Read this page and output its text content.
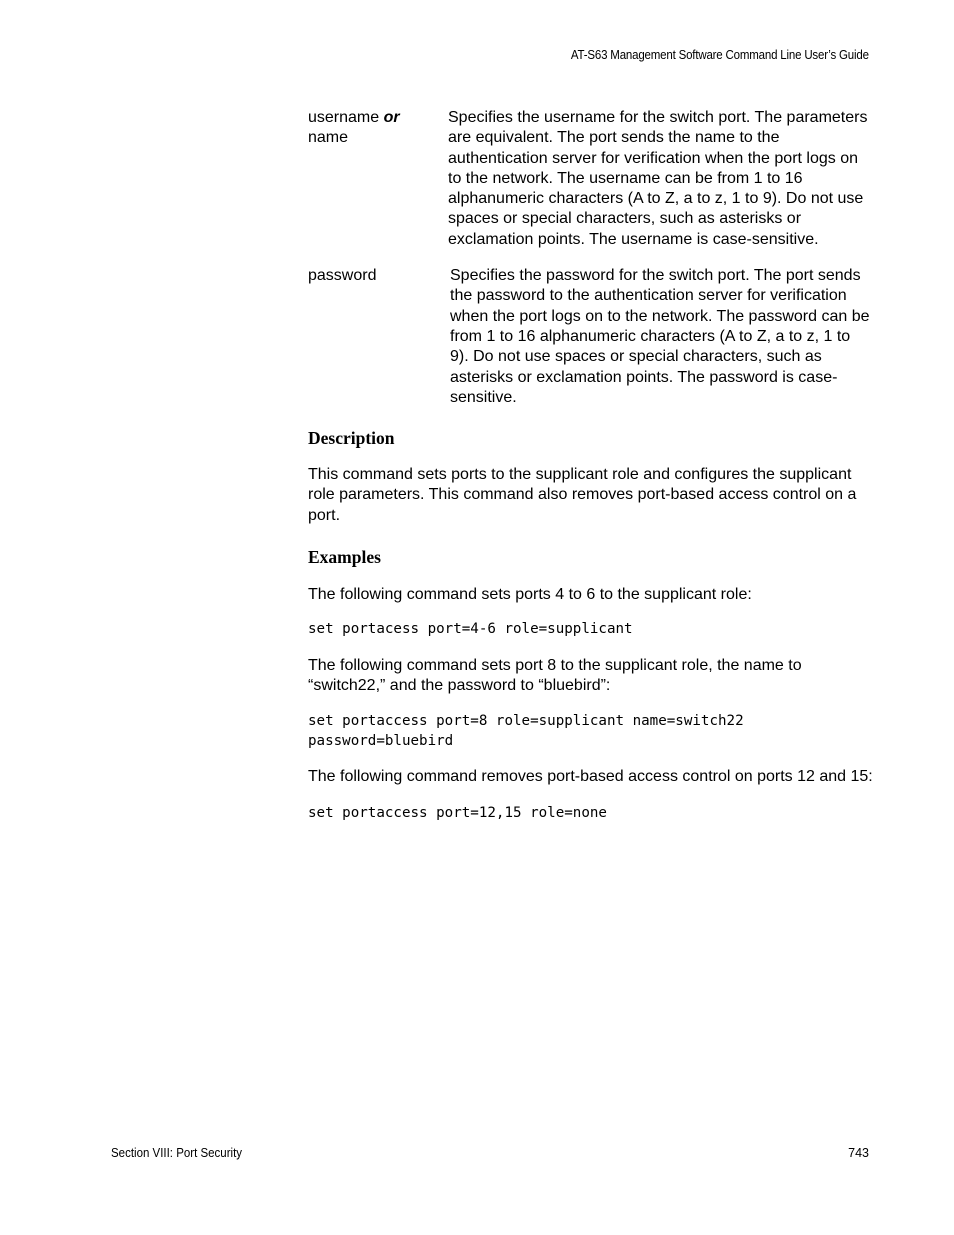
AT-S63 Management Software Command Line User’s Guide
username or
name
Specifies the username for the switch port. The parameters are equivalent. The port sends the name to the authentication server for verification when the port logs on to the network. The username can be from 1 to 16 alphanumeric characters (A to Z, a to z, 1 to 9). Do not use spaces or special characters, such as asterisks or exclamation points. The username is case-sensitive.
password	Specifies the password for the switch port. The port sends the password to the authentication server for verification when the port logs on to the network. The password can be from 1 to 16 alphanumeric characters (A to Z, a to z, 1 to 9). Do not use spaces or special characters, such as asterisks or exclamation points. The password is case-sensitive.
Description

This command sets ports to the supplicant role and configures the supplicant role parameters. This command also removes port-based access control on a port.

Examples

The following command sets ports 4 to 6 to the supplicant role:

set portacess port=4-6 role=supplicant

The following command sets port 8 to the supplicant role, the name to “switch22,” and the password to “bluebird”:

set portaccess port=8 role=supplicant name=switch22
password=bluebird

The following command removes port-based access control on ports 12 and 15:

set portaccess port=12,15 role=none
Section VIII: Port Security	743
